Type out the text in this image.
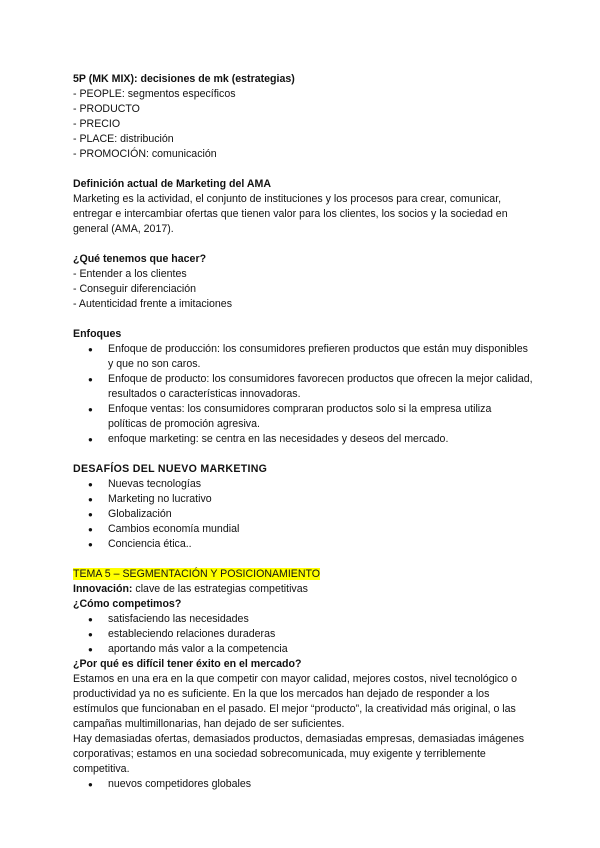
5P (MK MIX): decisiones de mk (estrategias)
- PEOPLE: segmentos específicos
- PRODUCTO
- PRECIO
- PLACE: distribución
- PROMOCIÓN: comunicación
Definición actual de Marketing del AMA
Marketing es la actividad, el conjunto de instituciones y los procesos para crear, comunicar, entregar e intercambiar ofertas que tienen valor para los clientes, los socios y la sociedad en general (AMA, 2017).
¿Qué tenemos que hacer?
- Entender a los clientes
- Conseguir diferenciación
- Autenticidad frente a imitaciones
Enfoques
● Enfoque de producción: los consumidores prefieren productos que están muy disponibles y que no son caros.
● Enfoque de producto: los consumidores favorecen productos que ofrecen la mejor calidad, resultados o características innovadoras.
● Enfoque ventas: los consumidores compraran productos solo si la empresa utiliza políticas de promoción agresiva.
● enfoque marketing: se centra en las necesidades y deseos del mercado.
DESAFÍOS DEL NUEVO MARKETING
● Nuevas tecnologías
● Marketing no lucrativo
● Globalización
● Cambios economía mundial
● Conciencia ética..
TEMA 5 – SEGMENTACIÓN Y POSICIONAMIENTO
Innovación: clave de las estrategias competitivas
¿Cómo competimos?
● satisfaciendo las necesidades
● estableciendo relaciones duraderas
● aportando más valor a la competencia
¿Por qué es difícil tener éxito en el mercado?
Estamos en una era en la que competir con mayor calidad, mejores costos, nivel tecnológico o productividad ya no es suficiente. En la que los mercados han dejado de responder a los estímulos que funcionaban en el pasado. El mejor “producto”, la creatividad más original, o las campañas multimillonarias, han dejado de ser suficientes.
Hay demasiadas ofertas, demasiados productos, demasiadas empresas, demasiadas imágenes corporativas; estamos en una sociedad sobrecomunicada, muy exigente y terriblemente competitiva.
● nuevos competidores globales
